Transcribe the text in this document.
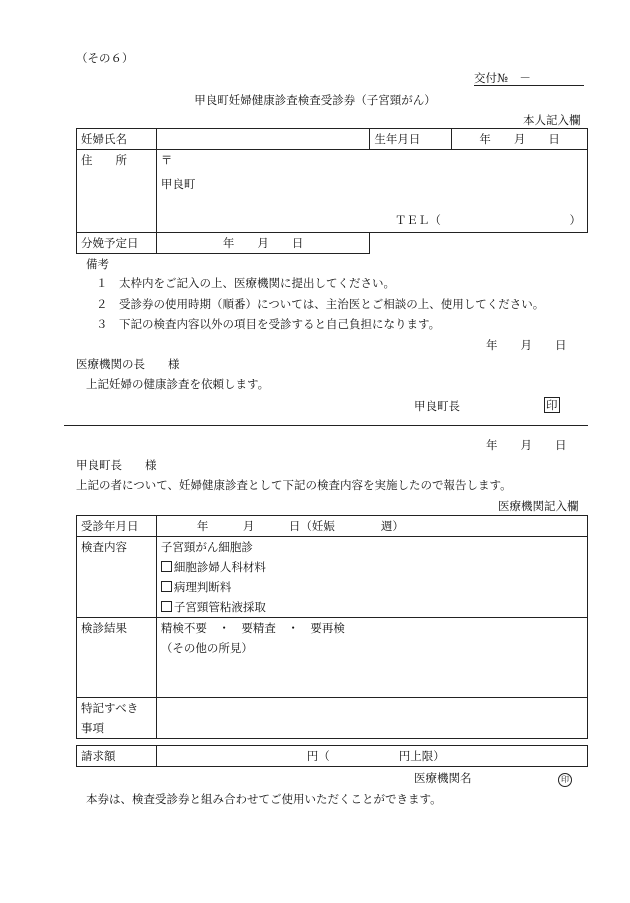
（その６）
交付№　－
甲良町妊婦健康診査検査受診券（子宮頸がん）
本人記入欄
妊婦氏名		生年月日	年　　月　　日
住　　所	〒
甲良町
ＴＥＬ（ ）		

分娩予定日	年　　月　　日		
備考
１　太枠内をご記入の上、医療機関に提出してください。
２　受診券の使用時期（順番）については、主治医とご相談の上、使用してください。
３　下記の検査内容以外の項目を受診すると自己負担になります。
年　　月　　日
医療機関の長　　様
上記妊婦の健康診査を依頼します。
甲良町長	印
年　　月　　日
甲良町長　　様
上記の者について、妊婦健康診査として下記の検査内容を実施したので報告します。
医療機関記入欄
受診年月日	年　　　月　　　日（妊娠　　　　週）
検査内容	子宮頸がん細胞診
細胞診婦人科材料
病理判断料
子宮頸管粘液採取

検診結果	精検不要　・　要精査　・　要再検
（その他の所見）

特記すべき
事項	

請求額	円（　　　　　　円上限）
医療機関名	印
本券は、検査受診券と組み合わせてご使用いただくことができます。
